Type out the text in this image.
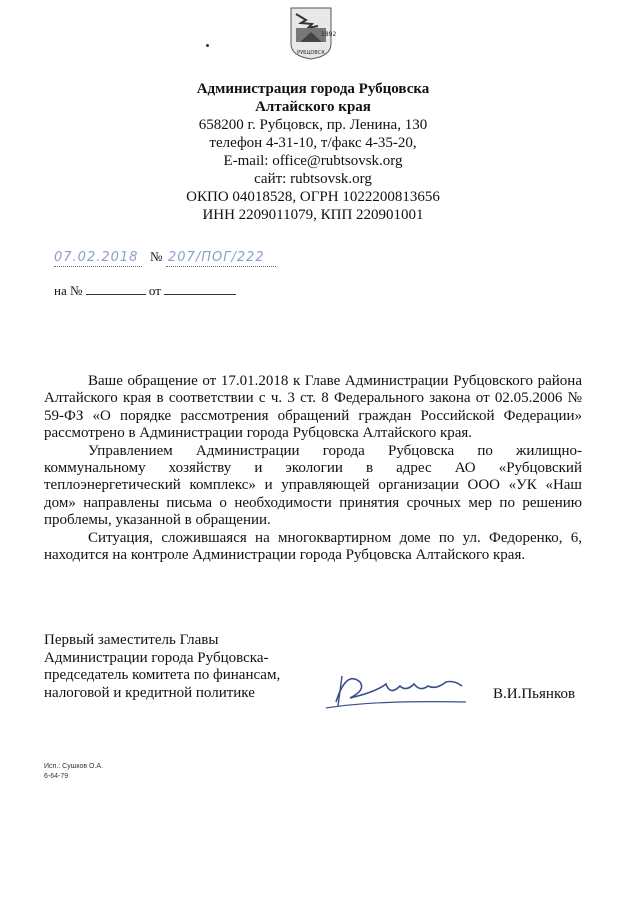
1892
РУБЦОВСК
Администрация города Рубцовска
Алтайского края
658200 г. Рубцовск, пр. Ленина, 130
телефон 4-31-10, т/факс 4-35-20,
E-mail: office@rubtsovsk.org
сайт: rubtsovsk.org
ОКПО 04018528, ОГРН 1022200813656
ИНН 2209011079, КПП 220901001
07.02.2018 № 207/ПОГ/222
на №	от

Ваше обращение от 17.01.2018 к Главе Администрации Рубцовского района Алтайского края в соответствии с ч. 3 ст. 8 Федерального закона от 02.05.2006 № 59-ФЗ «О порядке рассмотрения обращений граждан Российской Федерации» рассмотрено в Администрации города Рубцовска Алтайского края.

Управлением Администрации города Рубцовска по жилищно-коммунальному хозяйству и экологии в адрес АО «Рубцовский теплоэнергетический комплекс» и управляющей организации ООО «УК «Наш дом» направлены письма о необходимости принятия срочных мер по решению проблемы, указанной в обращении.

Ситуация, сложившаяся на многоквартирном доме по ул. Федоренко, 6, находится на контроле Администрации города Рубцовска Алтайского края.

Первый заместитель Главы
Администрации города Рубцовска-
председатель комитета по финансам,
налоговой и кредитной политике	В.И.Пьянков
Исп.: Сушков О.А.
6-64-79
